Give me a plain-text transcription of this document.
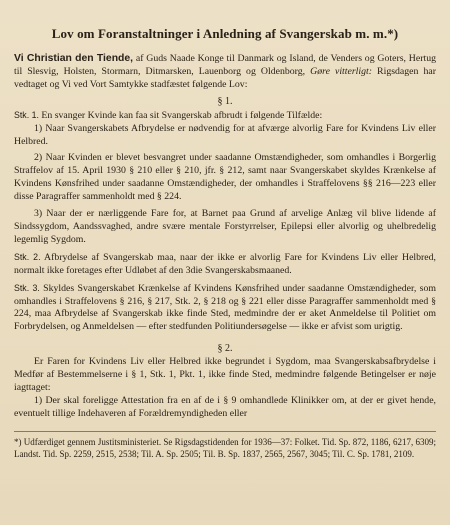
Lov om Foranstaltninger i Anledning af Svangerskab m. m.*)

Vi Christian den Tiende, af Guds Naade Konge til Danmark og Island, de Venders og Goters, Hertug til Slesvig, Holsten, Stormarn, Ditmarsken, Lauenborg og Oldenborg, Gøre vitterligt: Rigsdagen har vedtaget og Vi ved Vort Samtykke stadfæstet følgende Lov:

§ 1.

Stk. 1. En svanger Kvinde kan faa sit Svangerskab afbrudt i følgende Tilfælde:

1) Naar Svangerskabets Afbrydelse er nødvendig for at afværge alvorlig Fare for Kvindens Liv eller Helbred.

2) Naar Kvinden er blevet besvangret under saadanne Omstændigheder, som omhandles i Borgerlig Straffelov af 15. April 1930 § 210 eller § 210, jfr. § 212, samt naar Svangerskabet skyldes Krænkelse af Kvindens Kønsfrihed under saadanne Omstændigheder, der omhandles i Straffelovens §§ 216—223 eller disse Paragraffer sammenholdt med § 224.

3) Naar der er nærliggende Fare for, at Barnet paa Grund af arvelige Anlæg vil blive lidende af Sindssygdom, Aandssvaghed, andre svære mentale Forstyrrelser, Epilepsi eller alvorlig og uhelbredelig legemlig Sygdom.

Stk. 2. Afbrydelse af Svangerskab maa, naar der ikke er alvorlig Fare for Kvindens Liv eller Helbred, normalt ikke foretages efter Udløbet af den 3die Svangerskabsmaaned.

Stk. 3. Skyldes Svangerskabet Krænkelse af Kvindens Kønsfrihed under saadanne Omstændigheder, som omhandles i Straffelovens § 216, § 217, Stk. 2, § 218 og § 221 eller disse Paragraffer sammenholdt med § 224, maa Afbrydelse af Svangerskab ikke finde Sted, medmindre der er aket Anmeldelse til Politiet om Forbrydelsen, og Anmeldelsen — efter stedfunden Politiundersøgelse — ikke er afvist som urigtig.

§ 2.

Er Faren for Kvindens Liv eller Helbred ikke begrundet i Sygdom, maa Svangerskabsafbrydelse i Medfør af Bestemmelserne i § 1, Stk. 1, Pkt. 1, ikke finde Sted, medmindre følgende Betingelser er nøje iagttaget:

1) Der skal foreligge Attestation fra en af de i § 9 omhandlede Klinikker om, at der er givet hende, eventuelt tillige Indehaveren af Forældremyndigheden eller

*) Udfærdiget gennem Justitsministeriet. Se Rigsdagstidenden for 1936—37: Folket. Tid. Sp. 872, 1186, 6217, 6309; Landst. Tid. Sp. 2259, 2515, 2538; Til. A. Sp. 2505; Til. B. Sp. 1837, 2565, 2567, 3045; Til. C. Sp. 1781, 2109.
